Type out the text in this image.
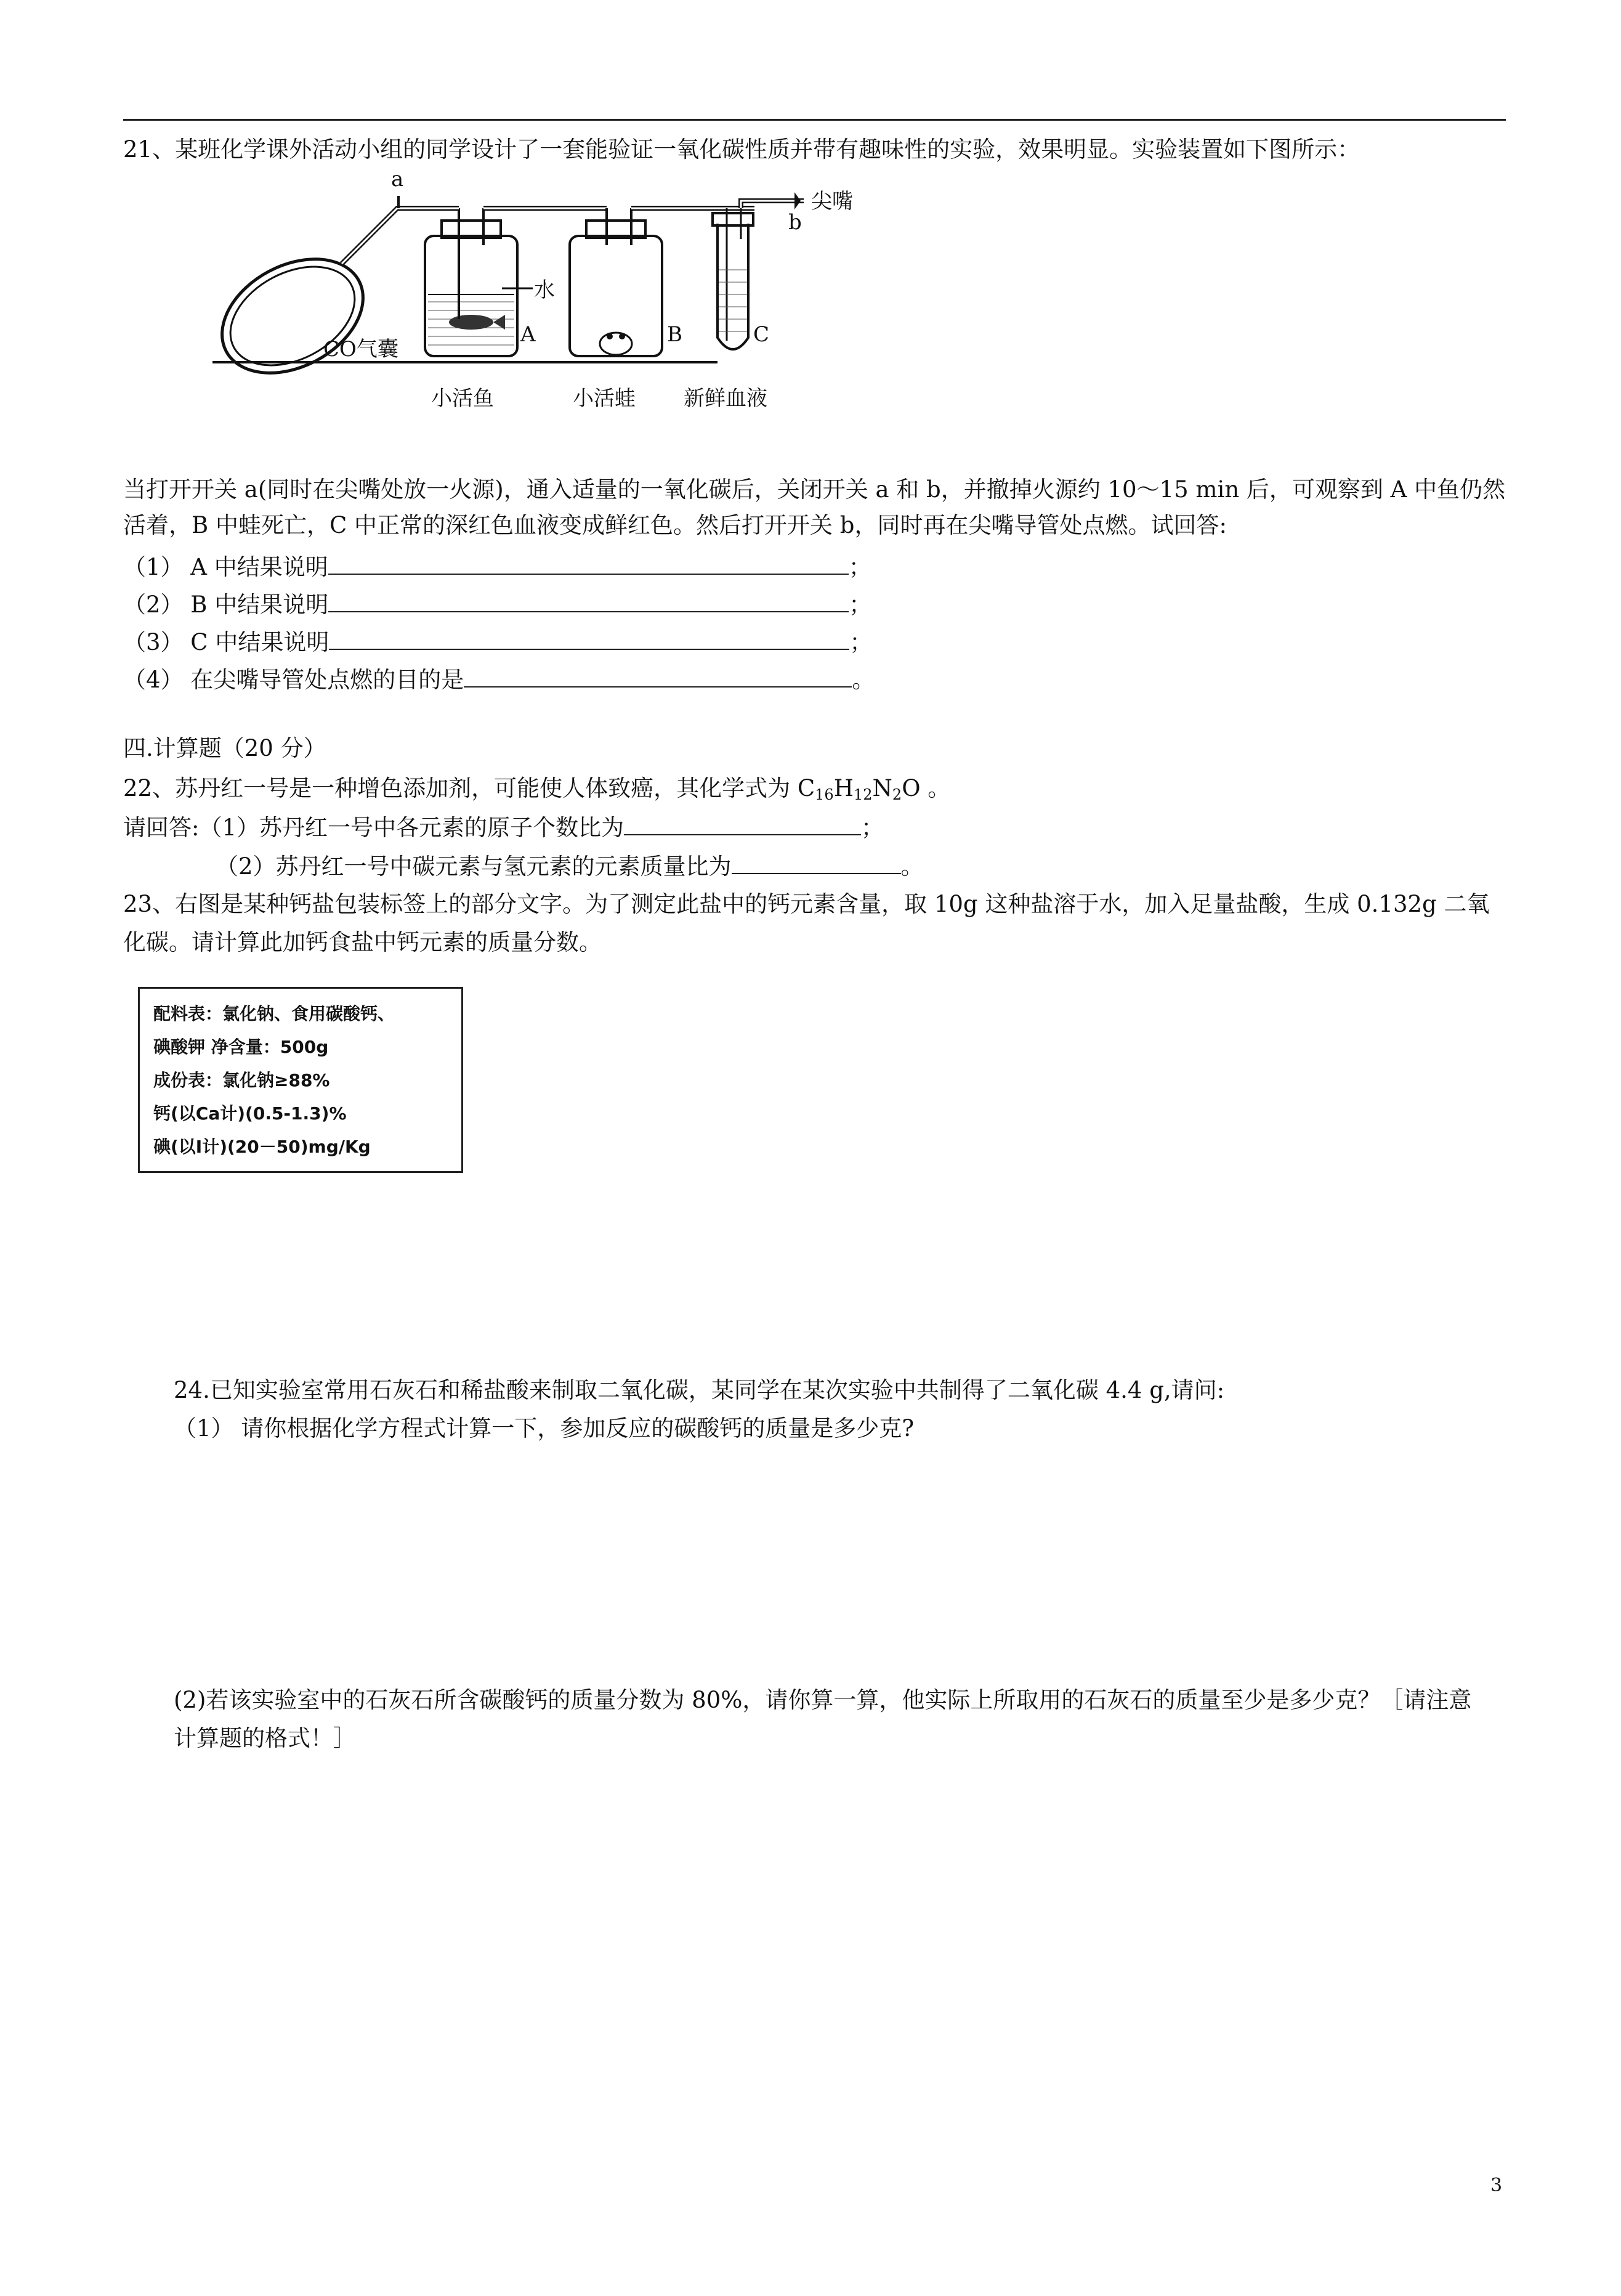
21、某班化学课外活动小组的同学设计了一套能验证一氧化碳性质并带有趣味性的实验，效果明显。实验装置如下图所示：
a
水
A	B	C
b
尖嘴
CO气囊
小活鱼	小活蛙 新鲜血液
当打开开关 a(同时在尖嘴处放一火源)，通入适量的一氧化碳后，关闭开关 a 和 b，并撤掉火源约 10～15 min 后，可观察到 A 中鱼仍然
活着，B 中蛙死亡，C 中正常的深红色血液变成鲜红色。然后打开开关 b，同时再在尖嘴导管处点燃。试回答:
（1） A 中结果说明	；
（2） B 中结果说明	；
（3） C 中结果说明	；
（4） 在尖嘴导管处点燃的目的是	。
四.计算题（20 分）
22、苏丹红一号是一种增色添加剂，可能使人体致癌，其化学式为 $C_{16}H_{12}N_2O$ 。
请回答:（1）苏丹红一号中各元素的原子个数比为	；
（2）苏丹红一号中碳元素与氢元素的元素质量比为	。
23、右图是某种钙盐包装标签上的部分文字。为了测定此盐中的钙元素含量，取 10g 这种盐溶于水，加入足量盐酸，生成 0.132g 二氧
化碳。请计算此加钙食盐中钙元素的质量分数。
配料表：氯化钠、食用碳酸钙、
碘酸钾 净含量：500g
成份表：氯化钠≥88%
钙(以Ca计)(0.5-1.3)%
碘(以I计)(20－50)mg/Kg
24.已知实验室常用石灰石和稀盐酸来制取二氧化碳，某同学在某次实验中共制得了二氧化碳 4.4 g,请问:
（1） 请你根据化学方程式计算一下，参加反应的碳酸钙的质量是多少克?
(2)若该实验室中的石灰石所含碳酸钙的质量分数为 80%，请你算一算，他实际上所取用的石灰石的质量至少是多少克？［请注意
计算题的格式！］
3
